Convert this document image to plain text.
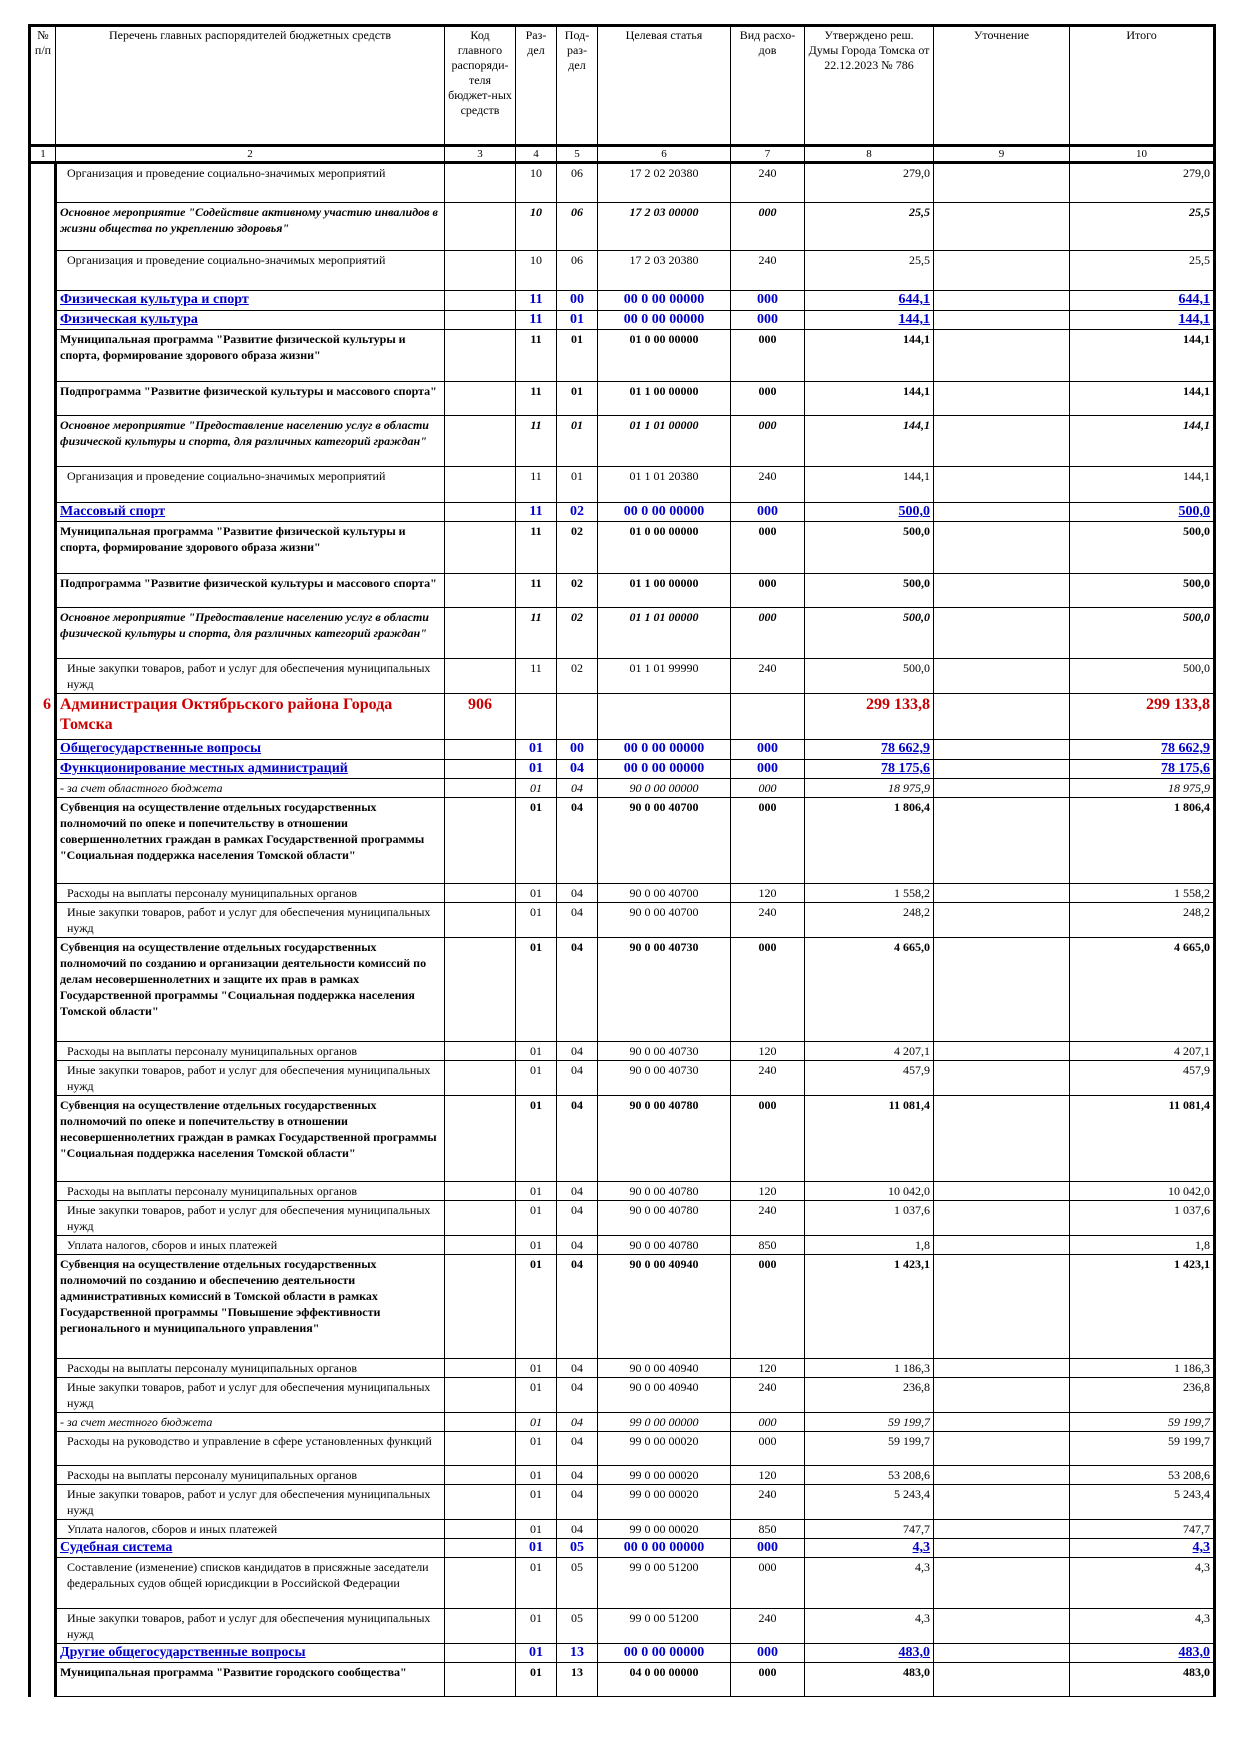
№ п/п	Перечень главных распорядителей бюджетных средств	Код главного распоряди-теля бюджет-ных средств	Раз-дел	Под-раз-дел	Целевая статья	Вид расхо-дов	Утверждено реш. Думы Города Томска от 22.12.2023 № 786	Уточнение	Итого
1	2	3	4	5	6	7	8	9	10
	Организация и проведение социально-значимых мероприятий		10	06	17 2 02 20380	240	279,0		279,0
	Основное мероприятие "Содействие активному участию инвалидов в жизни общества по укреплению здоровья"		10	06	17 2 03 00000	000	25,5		25,5
	Организация и проведение социально-значимых мероприятий		10	06	17 2 03 20380	240	25,5		25,5
	Физическая культура и спорт		11	00	00 0 00 00000	000	644,1		644,1
	Физическая культура		11	01	00 0 00 00000	000	144,1		144,1
	Муниципальная программа "Развитие физической культуры и спорта, формирование здорового образа жизни"		11	01	01 0 00 00000	000	144,1		144,1
	Подпрограмма "Развитие физической культуры и массового спорта"		11	01	01 1 00 00000	000	144,1		144,1
	Основное мероприятие "Предоставление населению услуг в области физической культуры и спорта, для различных категорий граждан"		11	01	01 1 01 00000	000	144,1		144,1
	Организация и проведение социально-значимых мероприятий		11	01	01 1 01 20380	240	144,1		144,1
	Массовый спорт		11	02	00 0 00 00000	000	500,0		500,0
	Муниципальная программа "Развитие физической культуры и спорта, формирование здорового образа жизни"		11	02	01 0 00 00000	000	500,0		500,0
	Подпрограмма "Развитие физической культуры и массового спорта"		11	02	01 1 00 00000	000	500,0		500,0
	Основное мероприятие "Предоставление населению услуг в области физической культуры и спорта, для различных категорий граждан"		11	02	01 1 01 00000	000	500,0		500,0
	Иные закупки товаров, работ и услуг для обеспечения муниципальных нужд		11	02	01 1 01 99990	240	500,0		500,0
6	Администрация Октябрьского района Города Томска	906					299 133,8		299 133,8
	Общегосударственные вопросы		01	00	00 0 00 00000	000	78 662,9		78 662,9
	Функционирование местных администраций		01	04	00 0 00 00000	000	78 175,6		78 175,6
	- за счет областного бюджета		01	04	90 0 00 00000	000	18 975,9		18 975,9
	Субвенция на осуществление отдельных государственных полномочий по опеке и попечительству в отношении совершеннолетних граждан в рамках Государственной программы "Социальная поддержка населения Томской области"		01	04	90 0 00 40700	000	1 806,4		1 806,4
	Расходы на выплаты персоналу муниципальных органов		01	04	90 0 00 40700	120	1 558,2		1 558,2
	Иные закупки товаров, работ и услуг для обеспечения муниципальных нужд		01	04	90 0 00 40700	240	248,2		248,2
	Субвенция на осуществление отдельных государственных полномочий по созданию и организации деятельности комиссий по делам несовершеннолетних и защите их прав в рамках Государственной программы "Социальная поддержка населения Томской области"		01	04	90 0 00 40730	000	4 665,0		4 665,0
	Расходы на выплаты персоналу муниципальных органов		01	04	90 0 00 40730	120	4 207,1		4 207,1
	Иные закупки товаров, работ и услуг для обеспечения муниципальных нужд		01	04	90 0 00 40730	240	457,9		457,9
	Субвенция на осуществление отдельных государственных полномочий по опеке и попечительству в отношении несовершеннолетних граждан в рамках Государственной программы "Социальная поддержка населения Томской области"		01	04	90 0 00 40780	000	11 081,4		11 081,4
	Расходы на выплаты персоналу муниципальных органов		01	04	90 0 00 40780	120	10 042,0		10 042,0
	Иные закупки товаров, работ и услуг для обеспечения муниципальных нужд		01	04	90 0 00 40780	240	1 037,6		1 037,6
	Уплата налогов, сборов и иных платежей		01	04	90 0 00 40780	850	1,8		1,8
	Субвенция на осуществление отдельных государственных полномочий по созданию и обеспечению деятельности административных комиссий в Томской области в рамках Государственной программы "Повышение эффективности регионального и муниципального управления"		01	04	90 0 00 40940	000	1 423,1		1 423,1
	Расходы на выплаты персоналу муниципальных органов		01	04	90 0 00 40940	120	1 186,3		1 186,3
	Иные закупки товаров, работ и услуг для обеспечения муниципальных нужд		01	04	90 0 00 40940	240	236,8		236,8
	- за счет местного бюджета		01	04	99 0 00 00000	000	59 199,7		59 199,7
	Расходы на руководство и управление в сфере установленных функций		01	04	99 0 00 00020	000	59 199,7		59 199,7
	Расходы на выплаты персоналу муниципальных органов		01	04	99 0 00 00020	120	53 208,6		53 208,6
	Иные закупки товаров, работ и услуг для обеспечения муниципальных нужд		01	04	99 0 00 00020	240	5 243,4		5 243,4
	Уплата налогов, сборов и иных платежей		01	04	99 0 00 00020	850	747,7		747,7
	Судебная система		01	05	00 0 00 00000	000	4,3		4,3
	Составление (изменение) списков кандидатов в присяжные заседатели федеральных судов общей юрисдикции в Российской Федерации		01	05	99 0 00 51200	000	4,3		4,3
	Иные закупки товаров, работ и услуг для обеспечения муниципальных нужд		01	05	99 0 00 51200	240	4,3		4,3
	Другие общегосударственные вопросы		01	13	00 0 00 00000	000	483,0		483,0
	Муниципальная программа "Развитие городского сообщества"		01	13	04 0 00 00000	000	483,0		483,0
